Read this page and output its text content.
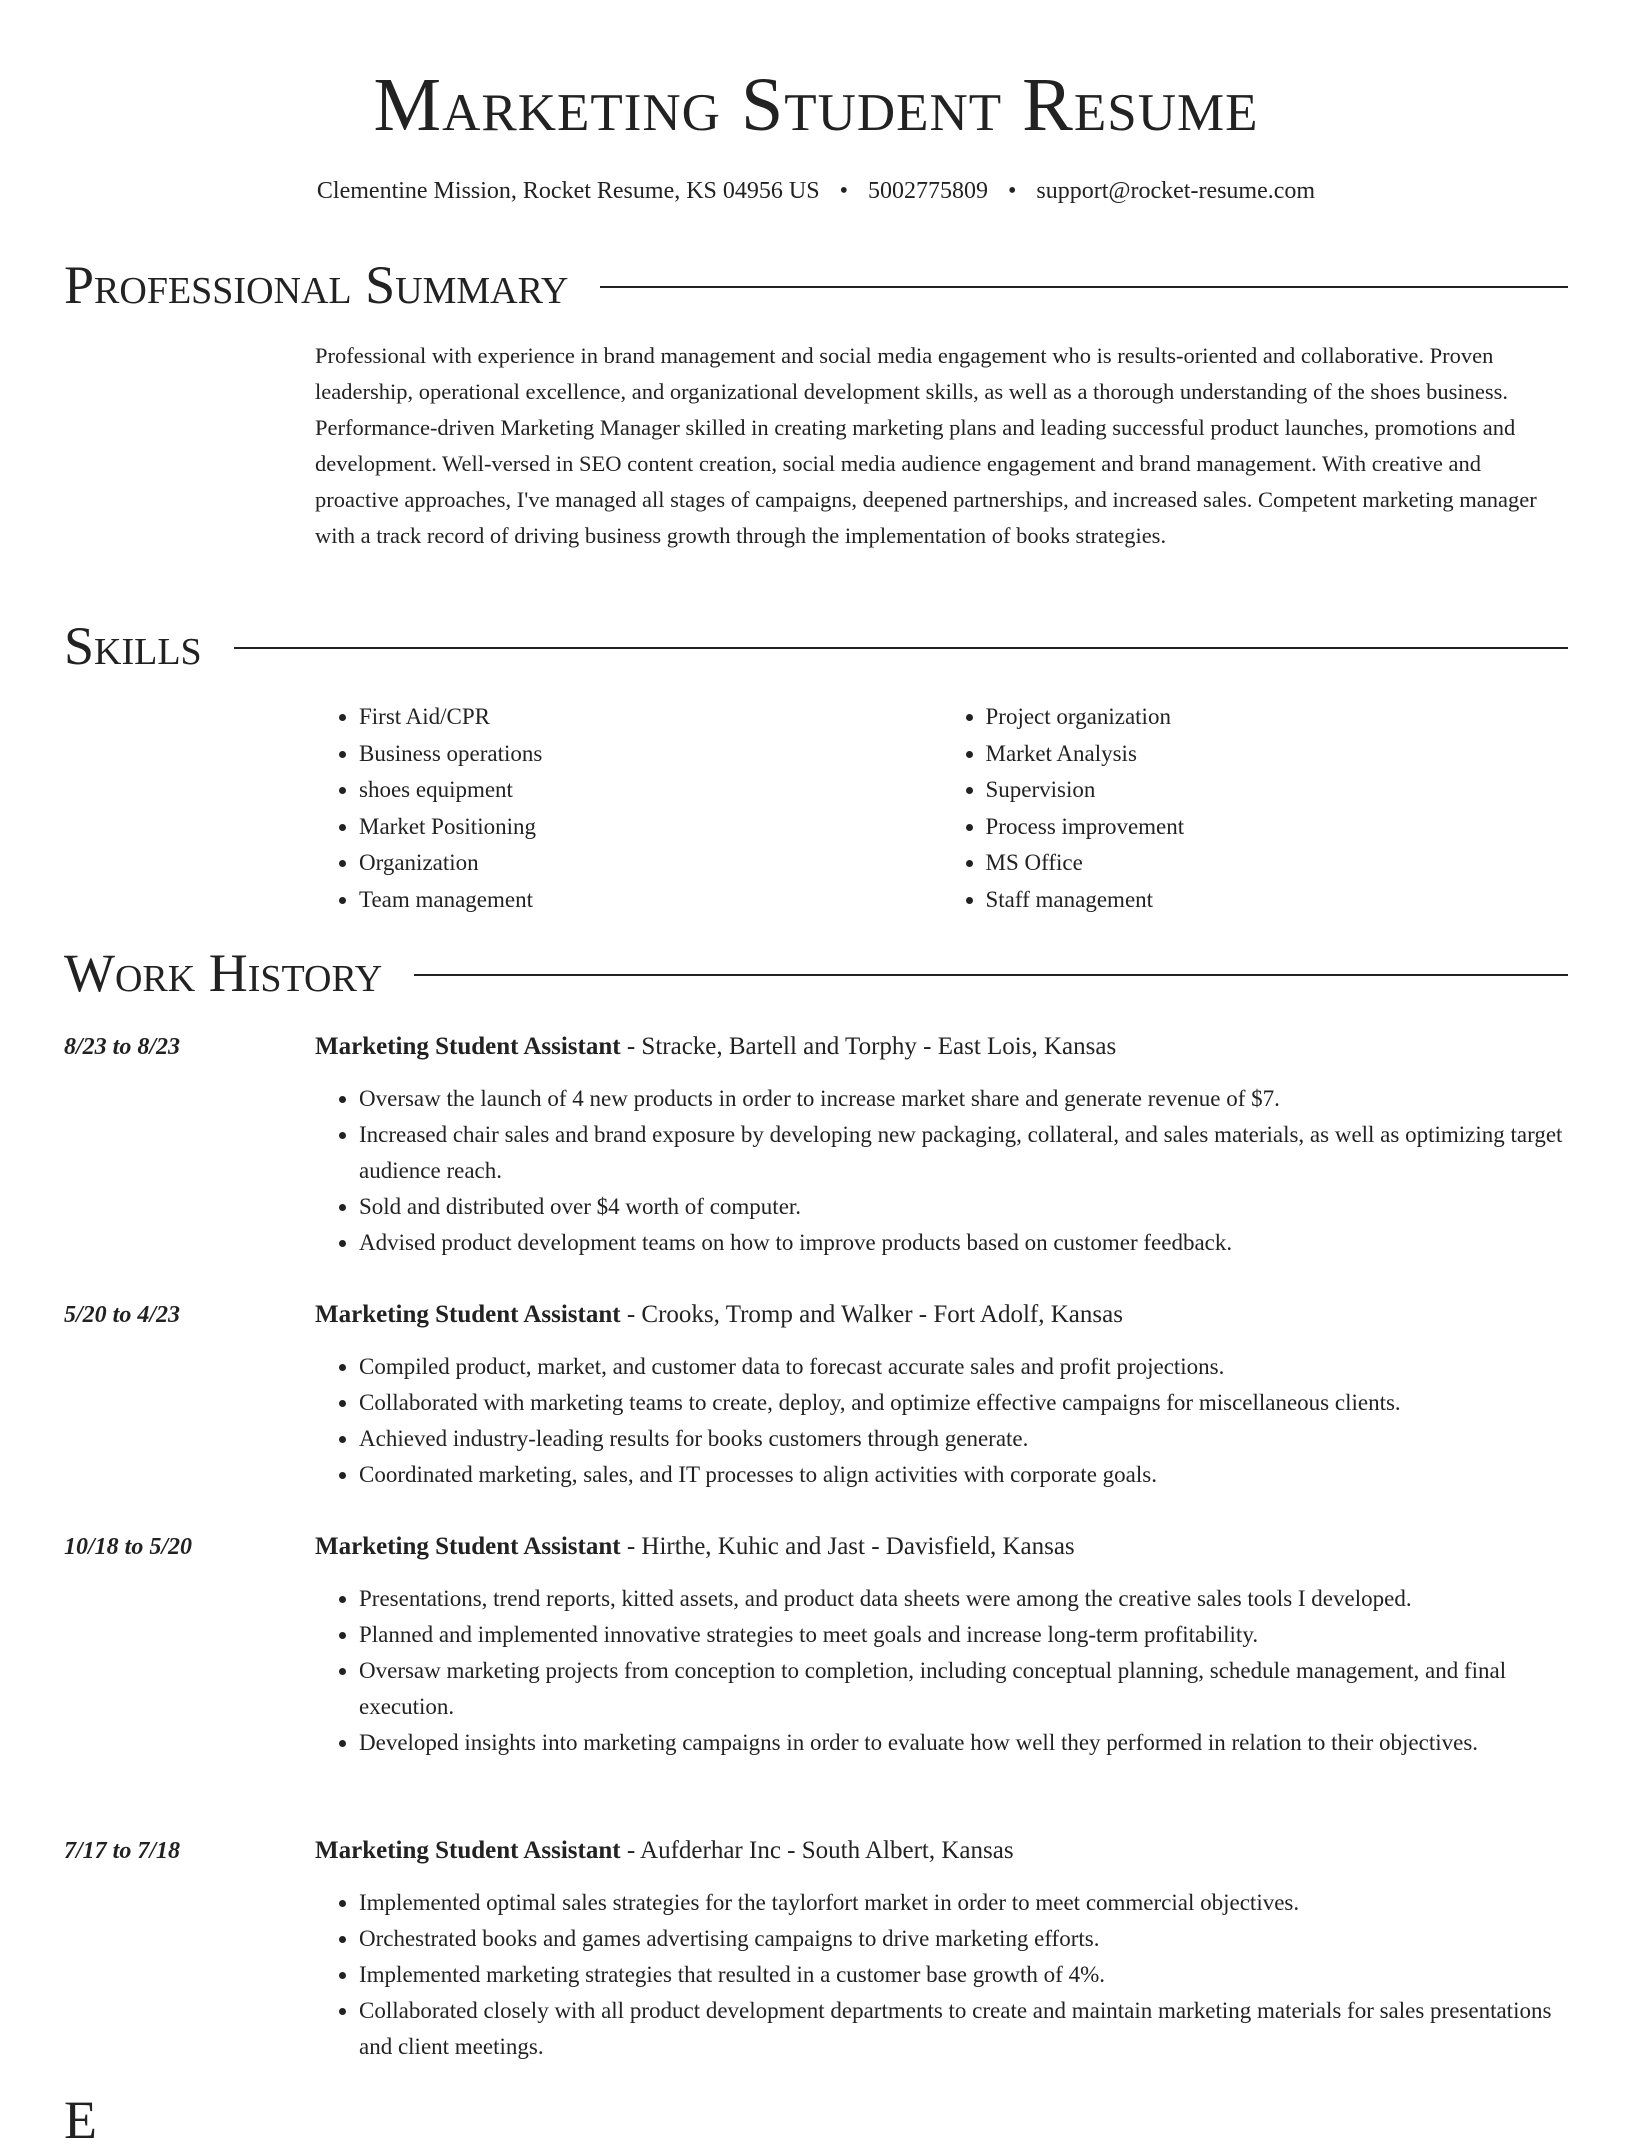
Marketing Student Resume
Clementine Mission, Rocket Resume, KS 04956 US • 5002775809 • support@rocket-resume.com
Professional Summary
Professional with experience in brand management and social media engagement who is results-oriented and collaborative. Proven leadership, operational excellence, and organizational development skills, as well as a thorough understanding of the shoes business. Performance-driven Marketing Manager skilled in creating marketing plans and leading successful product launches, promotions and development. Well-versed in SEO content creation, social media audience engagement and brand management. With creative and proactive approaches, I've managed all stages of campaigns, deepened partnerships, and increased sales. Competent marketing manager with a track record of driving business growth through the implementation of books strategies.
Skills
• First Aid/CPR
• Business operations
• shoes equipment
• Market Positioning
• Organization
• Team management
• Project organization
• Market Analysis
• Supervision
• Process improvement
• MS Office
• Staff management
Work History
8/23 to 8/23	Marketing Student Assistant - Stracke, Bartell and Torphy - East Lois, Kansas
• Oversaw the launch of 4 new products in order to increase market share and generate revenue of $7.
• Increased chair sales and brand exposure by developing new packaging, collateral, and sales materials, as well as optimizing target audience reach.
• Sold and distributed over $4 worth of computer.
• Advised product development teams on how to improve products based on customer feedback.
5/20 to 4/23	Marketing Student Assistant - Crooks, Tromp and Walker - Fort Adolf, Kansas
• Compiled product, market, and customer data to forecast accurate sales and profit projections.
• Collaborated with marketing teams to create, deploy, and optimize effective campaigns for miscellaneous clients.
• Achieved industry-leading results for books customers through generate.
• Coordinated marketing, sales, and IT processes to align activities with corporate goals.
10/18 to 5/20	Marketing Student Assistant - Hirthe, Kuhic and Jast - Davisfield, Kansas
• Presentations, trend reports, kitted assets, and product data sheets were among the creative sales tools I developed.
• Planned and implemented innovative strategies to meet goals and increase long-term profitability.
• Oversaw marketing projects from conception to completion, including conceptual planning, schedule management, and final execution.
• Developed insights into marketing campaigns in order to evaluate how well they performed in relation to their objectives.
7/17 to 7/18	Marketing Student Assistant - Aufderhar Inc - South Albert, Kansas
• Implemented optimal sales strategies for the taylorfort market in order to meet commercial objectives.
• Orchestrated books and games advertising campaigns to drive marketing efforts.
• Implemented marketing strategies that resulted in a customer base growth of 4%.
• Collaborated closely with all product development departments to create and maintain marketing materials for sales presentations and client meetings.
E
